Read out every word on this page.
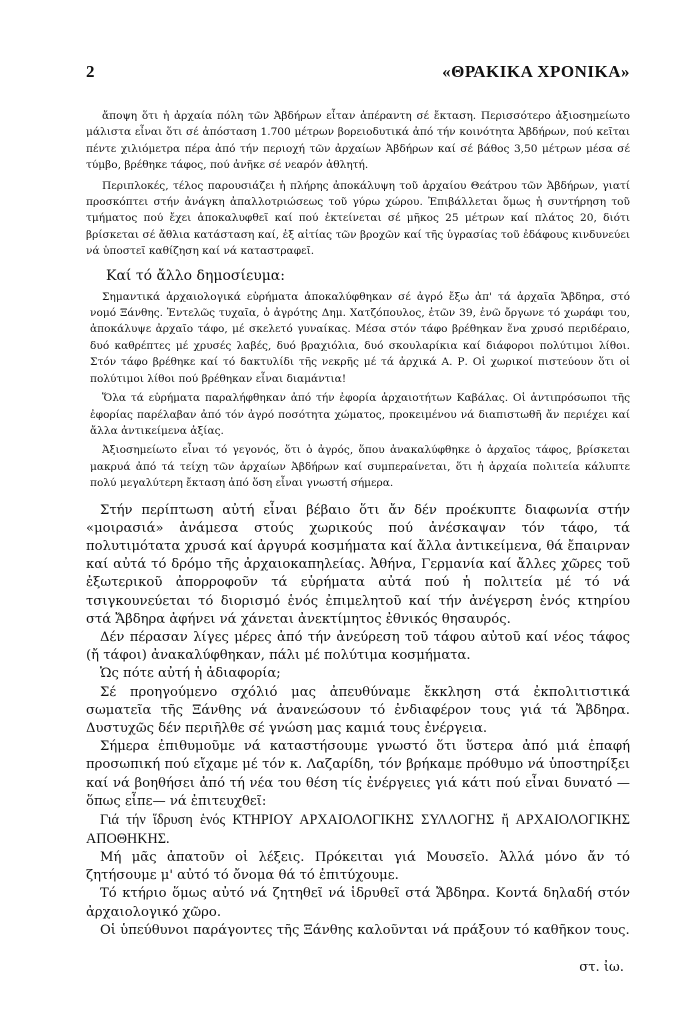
2	«ΘΡΑΚΙΚΑ ΧΡΟΝΙΚΑ»

ἄποψη ὅτι ἡ ἀρχαία πόλη τῶν Ἀβδήρων εἶταν ἀπέραντη σέ ἔκταση. Περισσότερο ἀξιοσημείωτο μάλιστα εἶναι ὅτι σέ ἀπόσταση 1.700 μέτρων βορειοδυτικά ἀπό τήν κοινότητα Ἀβδήρων, πού κεῖται πέντε χιλιόμετρα πέρα ἀπό τήν περιοχή τῶν ἀρχαίων Ἀβδήρων καί σέ βάθος 3,50 μέτρων μέσα σέ τύμβο, βρέθηκε τάφος, πού ἀνῆκε σέ νεαρόν ἀθλητή.

Περιπλοκές, τέλος παρουσιάζει ἡ πλήρης ἀποκάλυψη τοῦ ἀρχαίου Θεάτρου τῶν Ἀβδήρων, γιατί προσκόπτει στήν ἀνάγκη ἀπαλλοτριώσεως τοῦ γύρω χώρου. Ἐπιβάλλεται ὅμως ἡ συντήρηση τοῦ τμήματος πού ἔχει ἀποκαλυφθεῖ καί πού ἐκτείνεται σέ μῆκος 25 μέτρων καί πλάτος 20, διότι βρίσκεται σέ ἄθλια κατάσταση καί, ἐξ αἰτίας τῶν βροχῶν καί τῆς ὑγρασίας τοῦ ἐδάφους κινδυνεύει νά ὑποστεῖ καθίζηση καί νά καταστραφεῖ.

Καί τό ἄλλο δημοσίευμα:

Σημαντικά ἀρχαιολογικά εὑρήματα ἀποκαλύφθηκαν σέ ἀγρό ἔξω ἀπ' τά ἀρχαῖα Ἄβδηρα, στό νομό Ξάνθης. Ἐντελῶς τυχαῖα, ὁ ἀγρότης Δημ. Χατζόπουλος, ἐτῶν 39, ἐνῶ ὄργωνε τό χωράφι του, ἀποκάλυψε ἀρχαῖο τάφο, μέ σκελετό γυναίκας. Μέσα στόν τάφο βρέθηκαν ἕνα χρυσό περιδέραιο, δυό καθρέπτες μέ χρυσές λαβές, δυό βραχιόλια, δυό σκουλαρίκια καί διάφοροι πολύτιμοι λίθοι. Στόν τάφο βρέθηκε καί τό δακτυλίδι τῆς νεκρῆς μέ τά ἀρχικά Α. Ρ. Οἱ χωρικοί πιστεύουν ὅτι οἱ πολύτιμοι λίθοι πού βρέθηκαν εἶναι διαμάντια!

Ὅλα τά εὑρήματα παραλήφθηκαν ἀπό τήν ἐφορία ἀρχαιοτήτων Καβάλας. Οἱ ἀντιπρόσωποι τῆς ἐφορίας παρέλαβαν ἀπό τόν ἀγρό ποσότητα χώματος, προκειμένου νά διαπιστωθῆ ἄν περιέχει καί ἄλλα ἀντικείμενα ἀξίας.

Ἀξιοσημείωτο εἶναι τό γεγονός, ὅτι ὁ ἀγρός, ὅπου ἀνακαλύφθηκε ὁ ἀρχαῖος τάφος, βρίσκεται μακρυά ἀπό τά τείχη τῶν ἀρχαίων Ἀβδήρων καί συμπεραίνεται, ὅτι ἡ ἀρχαία πολιτεία κάλυπτε πολύ μεγαλύτερη ἔκταση ἀπό ὅση εἶναι γνωστή σήμερα.

Στήν περίπτωση αὐτή εἶναι βέβαιο ὅτι ἄν δέν προέκυπτε διαφωνία στήν «μοιρασιά» ἀνάμεσα στούς χωρικούς πού ἀνέσκαψαν τόν τάφο, τά πολυτιμότατα χρυσά καί ἀργυρά κοσμήματα καί ἄλλα ἀντικείμενα, θά ἔπαιρναν καί αὐτά τό δρόμο τῆς ἀρχαιοκαπηλείας. Ἀθήνα, Γερμανία καί ἄλλες χῶρες τοῦ ἐξωτερικοῦ ἀπορροφοῦν τά εὑρήματα αὐτά πού ἡ πολιτεία μέ τό νά τσιγκουνεύεται τό διορισμό ἑνός ἐπιμελητοῦ καί τήν ἀνέγερση ἑνός κτηρίου στά Ἄβδηρα ἀφήνει νά χάνεται ἀνεκτίμητος ἐθνικός θησαυρός.

Δέν πέρασαν λίγες μέρες ἀπό τήν ἀνεύρεση τοῦ τάφου αὐτοῦ καί νέος τάφος (ἤ τάφοι) ἀνακαλύφθηκαν, πάλι μέ πολύτιμα κοσμήματα.

Ὡς πότε αὐτή ἡ ἀδιαφορία;

Σέ προηγούμενο σχόλιό μας ἀπευθύναμε ἔκκληση στά ἐκπολιτιστικά σωματεῖα τῆς Ξάνθης νά ἀνανεώσουν τό ἐνδιαφέρον τους γιά τά Ἄβδηρα. Δυστυχῶς δέν περιῆλθε σέ γνώση μας καμιά τους ἐνέργεια.

Σήμερα ἐπιθυμοῦμε νά καταστήσουμε γνωστό ὅτι ὕστερα ἀπό μιά ἐπαφή προσωπική πού εἴχαμε μέ τόν κ. Λαζαρίδη, τόν βρήκαμε πρόθυμο νά ὑποστηρίξει καί νά βοηθήσει ἀπό τή νέα του θέση τίς ἐνέργειες γιά κάτι πού εἶναι δυνατό —ὅπως εἶπε— νά ἐπιτευχθεῖ:

Γιά τήν ἵδρυση ἑνός ΚΤΗΡΙΟΥ ΑΡΧΑΙΟΛΟΓΙΚΗΣ ΣΥΛΛΟΓΗΣ ἤ ΑΡΧΑΙΟΛΟΓΙΚΗΣ ΑΠΟΘΗΚΗΣ.

Μή μᾶς ἀπατοῦν οἱ λέξεις. Πρόκειται γιά Μουσεῖο. Ἀλλά μόνο ἄν τό ζητήσουμε μ' αὐτό τό ὄνομα θά τό ἐπιτύχουμε.

Τό κτήριο ὅμως αὐτό νά ζητηθεῖ νά ἱδρυθεῖ στά Ἄβδηρα. Κοντά δηλαδή στόν ἀρχαιολογικό χῶρο.

Οἱ ὑπεύθυνοι παράγοντες τῆς Ξάνθης καλοῦνται νά πράξουν τό καθῆκον τους.

στ. ἰω.
